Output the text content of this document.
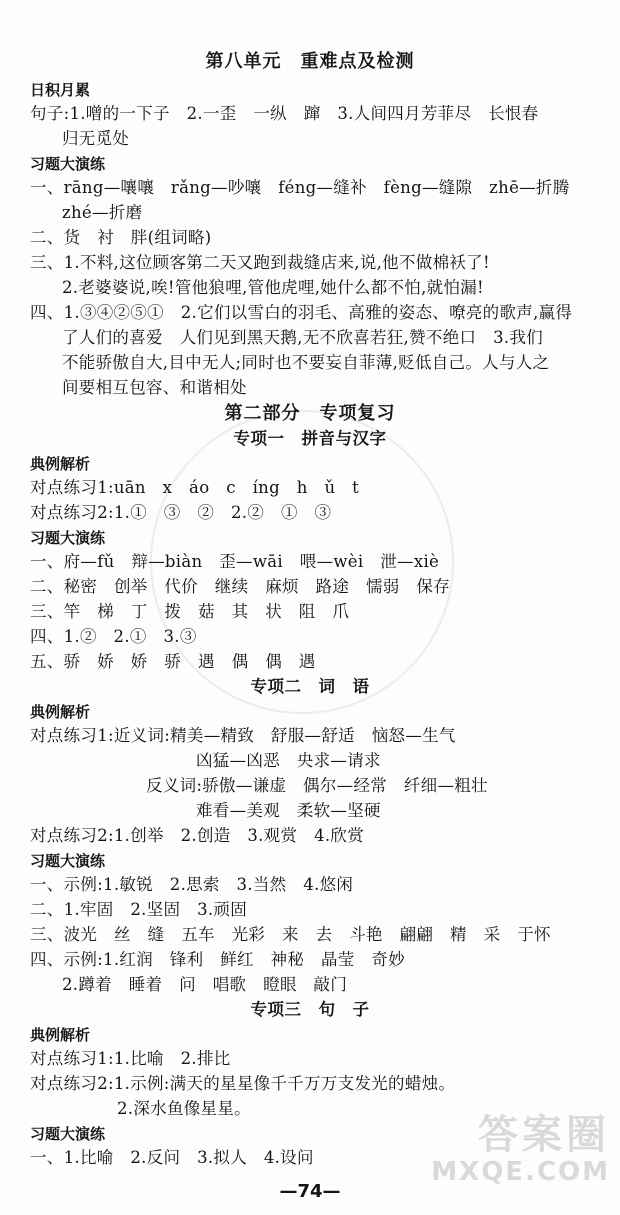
第八单元　重难点及检测
日积月累
句子:1.噌的一下子　2.一歪　一纵　蹿　3.人间四月芳菲尽　长恨春
归无觅处
习题大演练
一、rāng—嚷嚷　rǎng—吵嚷　féng—缝补　fèng—缝隙　zhē—折腾
zhé—折磨
二、货　衬　胖(组词略)
三、1.不料,这位顾客第二天又跑到裁缝店来,说,他不做棉袄了!
2.老婆婆说,唉!管他狼哩,管他虎哩,她什么都不怕,就怕漏!
四、1.③④②⑤①　2.它们以雪白的羽毛、高雅的姿态、嘹亮的歌声,赢得
了人们的喜爱　人们见到黑天鹅,无不欣喜若狂,赞不绝口　3.我们
不能骄傲自大,目中无人;同时也不要妄自菲薄,贬低自己。人与人之
间要相互包容、和谐相处
第二部分　专项复习
专项一　拼音与汉字
典例解析
对点练习1:uān　x　áo　c　íng　h　ǔ　t
对点练习2:1.①　③　②　2.②　①　③
习题大演练
一、府—fǔ　辩—biàn　歪—wāi　喂—wèi　泄—xiè
二、秘密　创举　代价　继续　麻烦　路途　懦弱　保存
三、竿　梯　丁　拨　菇　其　状　阻　爪
四、1.②　2.①　3.③
五、骄　娇　娇　骄　遇　偶　偶　遇
专项二　词　语
典例解析
对点练习1:近义词:精美—精致　舒服—舒适　恼怒—生气
凶猛—凶恶　央求—请求
反义词:骄傲—谦虚　偶尔—经常　纤细—粗壮
难看—美观　柔软—坚硬
对点练习2:1.创举　2.创造　3.观赏　4.欣赏
习题大演练
一、示例:1.敏锐　2.思索　3.当然　4.悠闲
二、1.牢固　2.坚固　3.顽固
三、波光　丝　缝　五车　光彩　来　去　斗艳　翩翩　精　采　于怀
四、示例:1.红润　锋利　鲜红　神秘　晶莹　奇妙
2.蹲着　睡着　问　唱歌　瞪眼　敲门
专项三　句　子
典例解析
对点练习1:1.比喻　2.排比
对点练习2:1.示例:满天的星星像千千万万支发光的蜡烛。
2.深水鱼像星星。
习题大演练
一、1.比喻　2.反问　3.拟人　4.设问
—74—
答案圈
MXQE.COM
